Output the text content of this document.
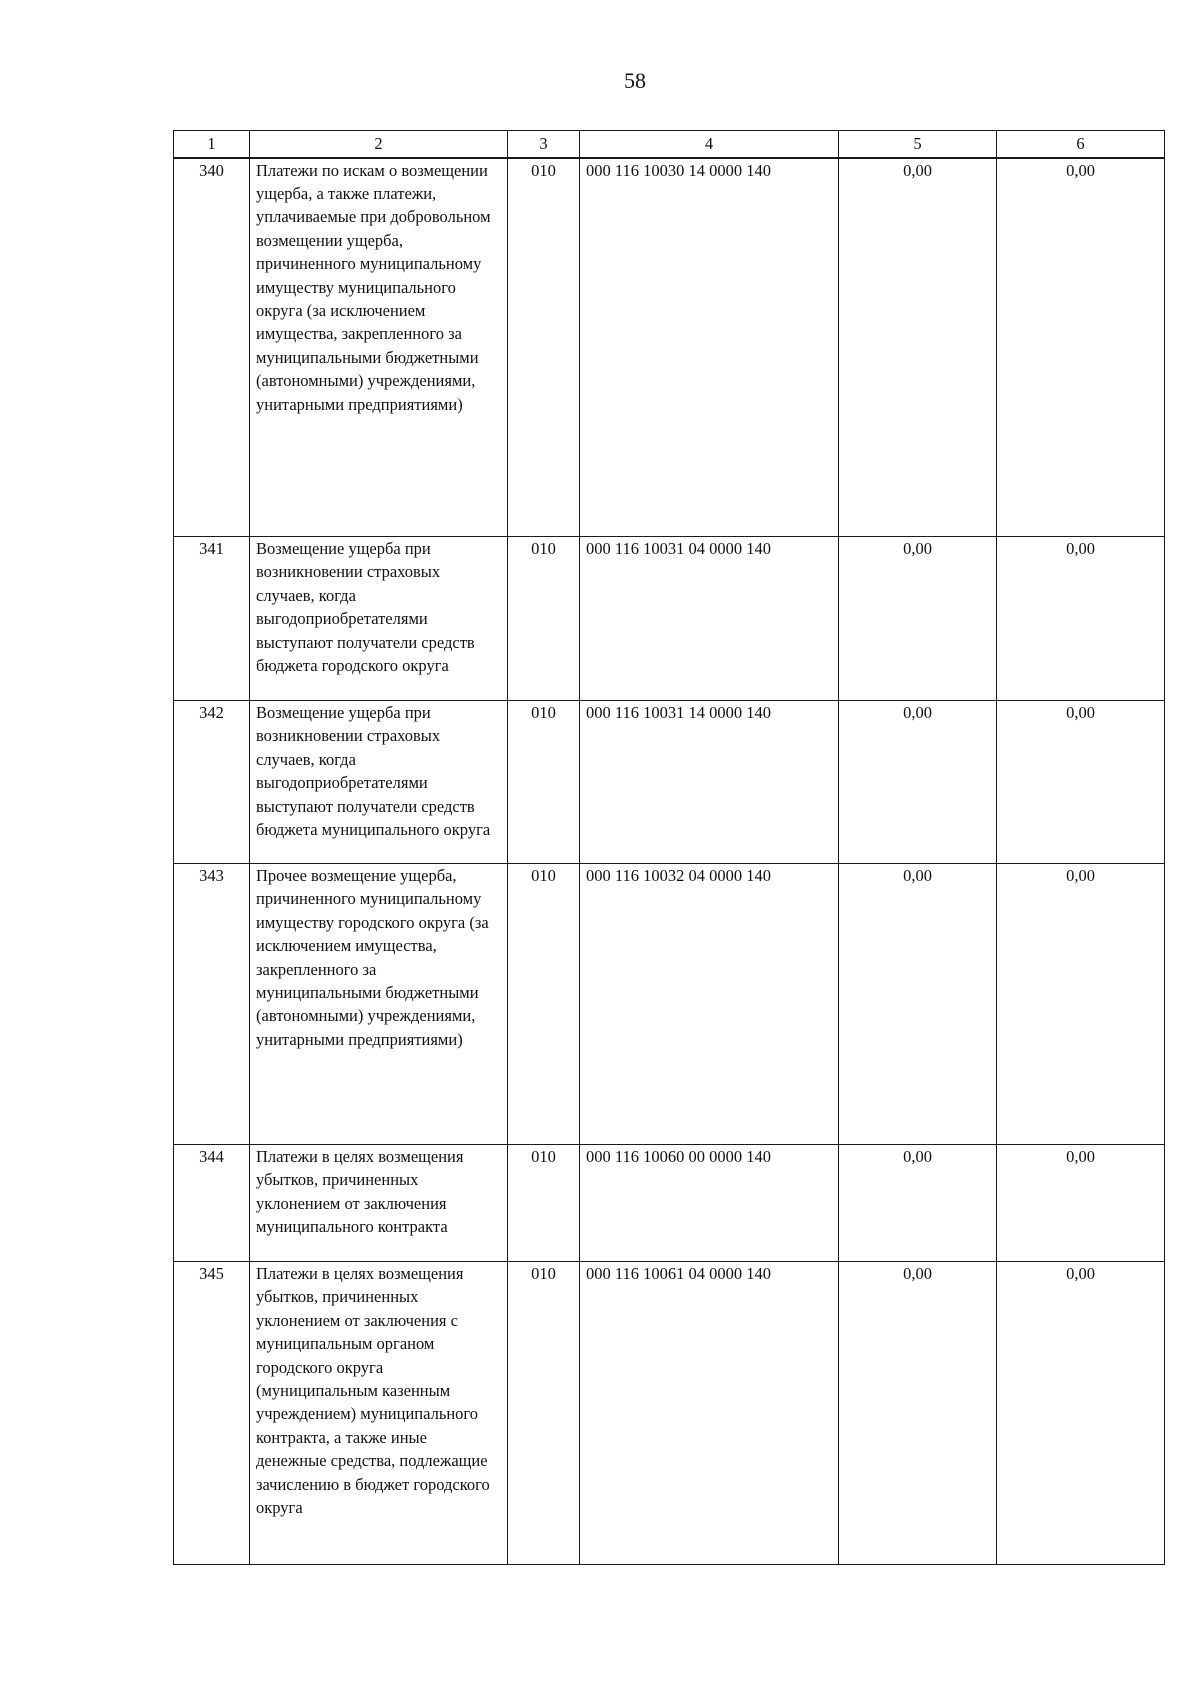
58
1	2	3	4	5	6
340	Платежи по искам о возмещении ущерба, а также платежи, уплачиваемые при добровольном возмещении ущерба, причиненного муниципальному имуществу муниципального округа (за исключением имущества, закрепленного за муниципальными бюджетными (автономными) учреждениями, унитарными предприятиями)	010	000 116 10030 14 0000 140	0,00	0,00
341	Возмещение ущерба при возникновении страховых случаев, когда выгодоприобретателями выступают получатели средств бюджета городского округа	010	000 116 10031 04 0000 140	0,00	0,00
342	Возмещение ущерба при возникновении страховых случаев, когда выгодоприобретателями выступают получатели средств бюджета муниципального округа	010	000 116 10031 14 0000 140	0,00	0,00
343	Прочее возмещение ущерба, причиненного муниципальному имуществу городского округа (за исключением имущества, закрепленного за муниципальными бюджетными (автономными) учреждениями, унитарными предприятиями)	010	000 116 10032 04 0000 140	0,00	0,00
344	Платежи в целях возмещения убытков, причиненных уклонением от заключения муниципального контракта	010	000 116 10060 00 0000 140	0,00	0,00
345	Платежи в целях возмещения убытков, причиненных уклонением от заключения с муниципальным органом городского округа (муниципальным казенным учреждением) муниципального контракта, а также иные денежные средства, подлежащие зачислению в бюджет городского округа	010	000 116 10061 04 0000 140	0,00	0,00
